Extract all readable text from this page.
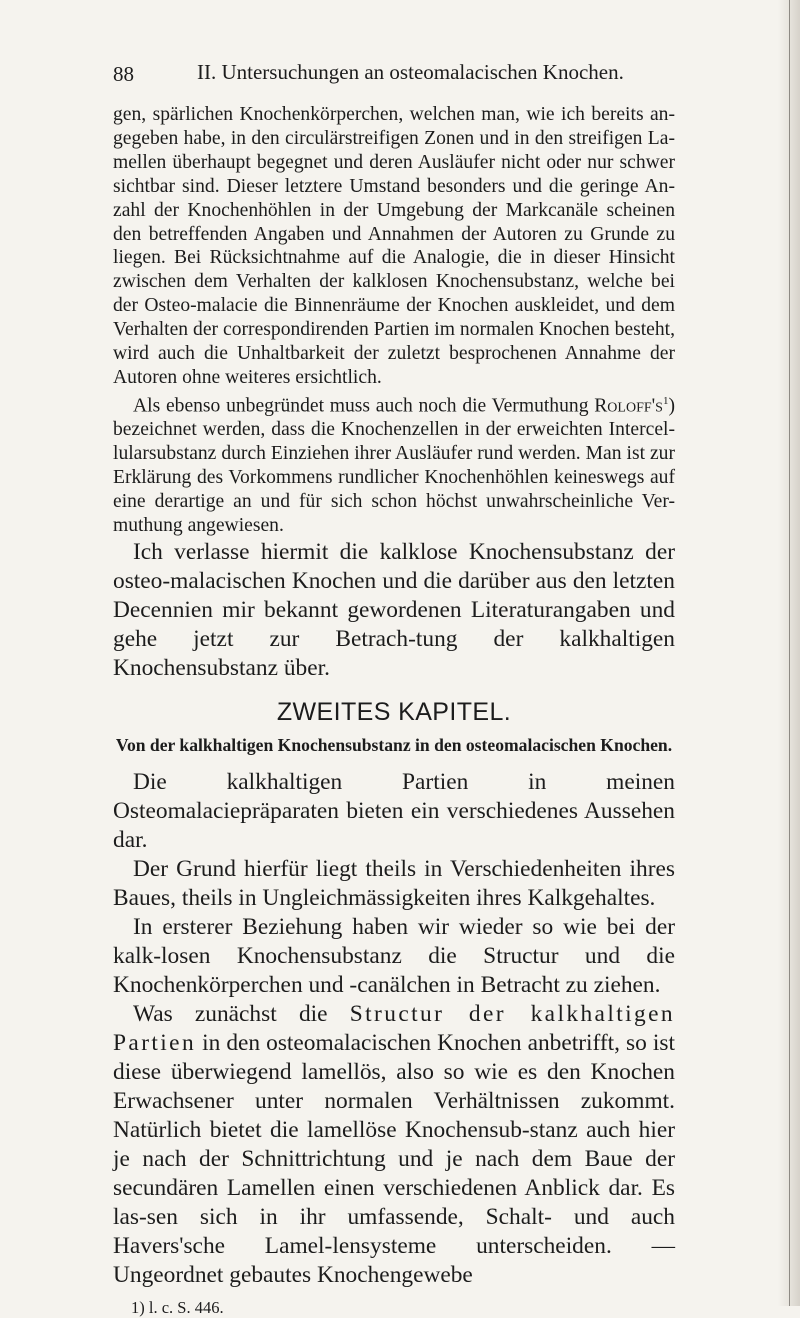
88	II. Untersuchungen an osteomalacischen Knochen.

gen, spärlichen Knochenkörperchen, welchen man, wie ich bereits an-gegeben habe, in den circulärstreifigen Zonen und in den streifigen La-mellen überhaupt begegnet und deren Ausläufer nicht oder nur schwer sichtbar sind. Dieser letztere Umstand besonders und die geringe An-zahl der Knochenhöhlen in der Umgebung der Markcanäle scheinen den betreffenden Angaben und Annahmen der Autoren zu Grunde zu liegen. Bei Rücksichtnahme auf die Analogie, die in dieser Hinsicht zwischen dem Verhalten der kalklosen Knochensubstanz, welche bei der Osteo-malacie die Binnenräume der Knochen auskleidet, und dem Verhalten der correspondirenden Partien im normalen Knochen besteht, wird auch die Unhaltbarkeit der zuletzt besprochenen Annahme der Autoren ohne weiteres ersichtlich.

Als ebenso unbegründet muss auch noch die Vermuthung $Roloff's^1$) bezeichnet werden, dass die Knochenzellen in der erweichten Intercel-lularsubstanz durch Einziehen ihrer Ausläufer rund werden. Man ist zur Erklärung des Vorkommens rundlicher Knochenhöhlen keineswegs auf eine derartige an und für sich schon höchst unwahrscheinliche Ver-muthung angewiesen.

Ich verlasse hiermit die kalklose Knochensubstanz der osteo-malacischen Knochen und die darüber aus den letzten Decennien mir bekannt gewordenen Literaturangaben und gehe jetzt zur Betrach-tung der kalkhaltigen Knochensubstanz über.

ZWEITES KAPITEL.
Von der kalkhaltigen Knochensubstanz in den osteomalacischen Knochen.

Die kalkhaltigen Partien in meinen Osteomalaciepräparaten bieten ein verschiedenes Aussehen dar.

Der Grund hierfür liegt theils in Verschiedenheiten ihres Baues, theils in Ungleichmässigkeiten ihres Kalkgehaltes.

In ersterer Beziehung haben wir wieder so wie bei der kalk-losen Knochensubstanz die Structur und die Knochenkörperchen und -canälchen in Betracht zu ziehen.

Was zunächst die Structur der kalkhaltigen Partien in den osteomalacischen Knochen anbetrifft, so ist diese überwiegend lamellös, also so wie es den Knochen Erwachsener unter normalen Verhältnissen zukommt. Natürlich bietet die lamellöse Knochensub-stanz auch hier je nach der Schnittrichtung und je nach dem Baue der secundären Lamellen einen verschiedenen Anblick dar. Es las-sen sich in ihr umfassende, Schalt- und auch Havers'sche Lamel-lensysteme unterscheiden. — Ungeordnet gebautes Knochengewebe

1) l. c. S. 446.
